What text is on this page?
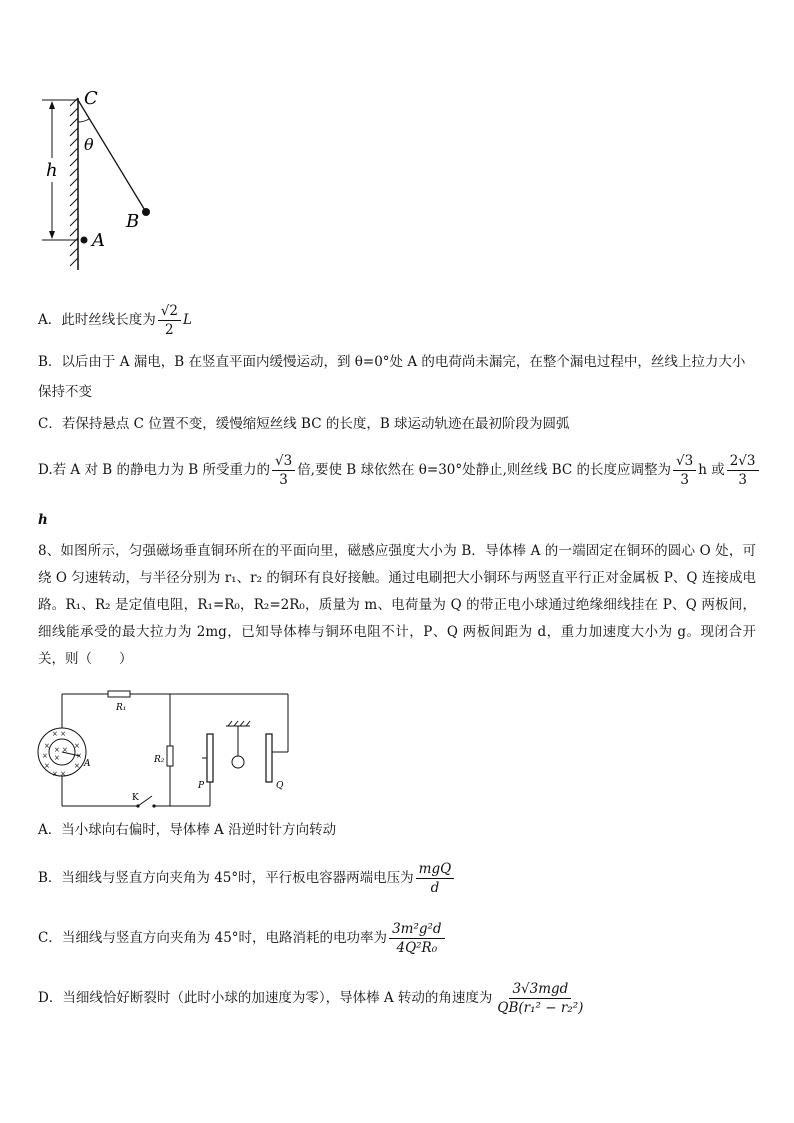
C
θ
h
B
A
A．此时丝线长度为 $\frac{√2}{2}$ L
B．以后由于 A 漏电，B 在竖直平面内缓慢运动，到 θ=0°处 A 的电荷尚未漏完，在整个漏电过程中，丝线上拉力大小
保持不变
C．若保持悬点 C 位置不变，缓慢缩短丝线 BC 的长度，B 球运动轨迹在最初阶段为圆弧
D.若 A 对 B 的静电力为 B 所受重力的 $\frac{√3}{3}$ 倍,要使 B 球依然在 θ=30°处静止,则丝线 BC 的长度应调整为 $\frac{√3}{3}$ h 或 $\frac{2√3}{3}$
h
8、如图所示，匀强磁场垂直铜环所在的平面向里，磁感应强度大小为 B．导体棒 A 的一端固定在铜环的圆心 O 处，可绕 O 匀速转动，与半径分别为 r₁、r₂ 的铜环有良好接触。通过电刷把大小铜环与两竖直平行正对金属板 P、Q 连接成电路。R₁、R₂ 是定值电阻，R₁=R₀，R₂=2R₀，质量为 m、电荷量为 Q 的带正电小球通过绝缘细线挂在 P、Q 两板间，细线能承受的最大拉力为 2mg，已知导体棒与铜环电阻不计，P、Q 两板间距为 d，重力加速度大小为 g。现闭合开关，则（　　）
× ×
×	×
×	×
×	×
× ×
× ×
×
R₁
R₂
A
K
P	Q
A．当小球向右偏时，导体棒 A 沿逆时针方向转动
B．当细线与竖直方向夹角为 45°时，平行板电容器两端电压为 $\frac{\text{mgQ}}{d}$
C．当细线与竖直方向夹角为 45°时，电路消耗的电功率为 $\frac{\text{3m²g²d}}{\text{4Q²R₀}}$
D．当细线恰好断裂时（此时小球的加速度为零），导体棒 A 转动的角速度为 $\frac{\text{3√3mgd}}{\text{QB(r₁² − r₂²)}}$
